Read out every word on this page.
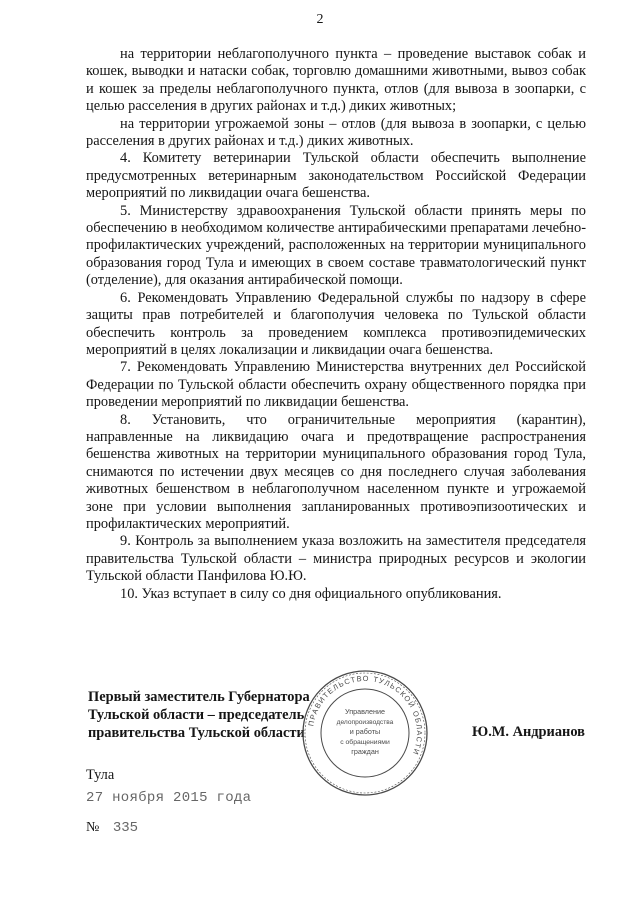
2

на территории неблагополучного пункта – проведение выставок собак и кошек, выводки и натаски собак, торговлю домашними животными, вывоз собак и кошек за пределы неблагополучного пункта, отлов (для вывоза в зоопарки, с целью расселения в других районах и т.д.) диких животных;

на территории угрожаемой зоны – отлов (для вывоза в зоопарки, с целью расселения в других районах и т.д.) диких животных.

4. Комитету ветеринарии Тульской области обеспечить выполнение предусмотренных ветеринарным законодательством Российской Федерации мероприятий по ликвидации очага бешенства.

5. Министерству здравоохранения Тульской области принять меры по обеспечению в необходимом количестве антирабическими препаратами лечебно-профилактических учреждений, расположенных на территории муниципального образования город Тула и имеющих в своем составе травматологический пункт (отделение), для оказания антирабической помощи.

6. Рекомендовать Управлению Федеральной службы по надзору в сфере защиты прав потребителей и благополучия человека по Тульской области обеспечить контроль за проведением комплекса противоэпидемических мероприятий в целях локализации и ликвидации очага бешенства.

7. Рекомендовать Управлению Министерства внутренних дел Российской Федерации по Тульской области обеспечить охрану общественного порядка при проведении мероприятий по ликвидации бешенства.

8. Установить, что ограничительные мероприятия (карантин), направленные на ликвидацию очага и предотвращение распространения бешенства животных на территории муниципального образования город Тула, снимаются по истечении двух месяцев со дня последнего случая заболевания животных бешенством в неблагополучном населенном пункте и угрожаемой зоне при условии выполнения запланированных противоэпизоотических и профилактических мероприятий.

9. Контроль за выполнением указа возложить на заместителя председателя правительства Тульской области – министра природных ресурсов и экологии Тульской области Панфилова Ю.Ю.

10. Указ вступает в силу со дня официального опубликования.

Первый заместитель Губернатора
Тульской области – председатель
правительства Тульской области
ПРАВИТЕЛЬСТВО ТУЛЬСКОЙ ОБЛАСТИ
Управление
делопроизводства
и работы
с обращениями
граждан
Ю.М. Андрианов
Тула
27 ноября 2015 года
№ 335
